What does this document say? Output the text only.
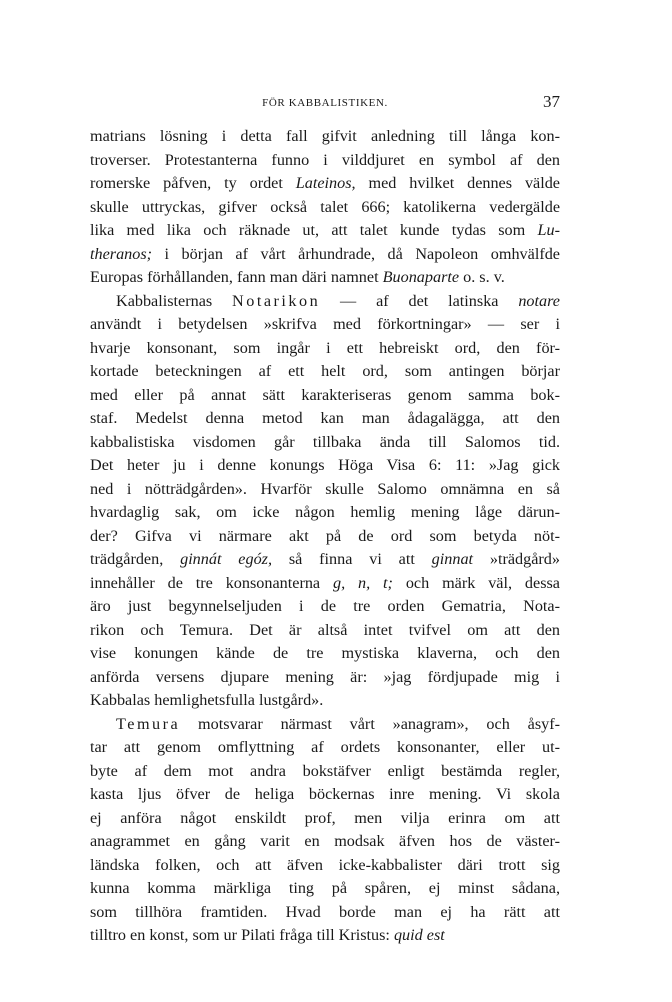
FÖR KABBALISTIKEN.	37
matrians lösning i detta fall gifvit anledning till långa kon-
troverser. Protestanterna funno i vilddjuret en symbol af den
romerske påfven, ty ordet Lateinos, med hvilket dennes välde
skulle uttryckas, gifver också talet 666; katolikerna vedergälde
lika med lika och räknade ut, att talet kunde tydas som Lu-
theranos; i början af vårt århundrade, då Napoleon omhvälfde
Europas förhållanden, fann man däri namnet Buonaparte o. s. v.
Kabbalisternas Notarikon — af det latinska notare
användt i betydelsen »skrifva med förkortningar» — ser i
hvarje konsonant, som ingår i ett hebreiskt ord, den för-
kortade beteckningen af ett helt ord, som antingen börjar
med eller på annat sätt karakteriseras genom samma bok-
staf. Medelst denna metod kan man ådagalägga, att den
kabbalistiska visdomen går tillbaka ända till Salomos tid.
Det heter ju i denne konungs Höga Visa 6: 11: »Jag gick
ned i nötträdgården». Hvarför skulle Salomo omnämna en så
hvardaglig sak, om icke någon hemlig mening låge därun-
der? Gifva vi närmare akt på de ord som betyda nöt-
trädgården, ginnát egóz, så finna vi att ginnat »trädgård»
innehåller de tre konsonanterna g, n, t; och märk väl, dessa
äro just begynnelseljuden i de tre orden Gematria, Nota-
rikon och Temura. Det är altså intet tvifvel om att den
vise konungen kände de tre mystiska klaverna, och den
anförda versens djupare mening är: »jag fördjupade mig i
Kabbalas hemlighetsfulla lustgård».
Temura motsvarar närmast vårt »anagram», och åsyf-
tar att genom omflyttning af ordets konsonanter, eller ut-
byte af dem mot andra bokstäfver enligt bestämda regler,
kasta ljus öfver de heliga böckernas inre mening. Vi skola
ej anföra något enskildt prof, men vilja erinra om att
anagrammet en gång varit en modsak äfven hos de väster-
ländska folken, och att äfven icke-kabbalister däri trott sig
kunna komma märkliga ting på spåren, ej minst sådana,
som tillhöra framtiden. Hvad borde man ej ha rätt att
tilltro en konst, som ur Pilati fråga till Kristus: quid est
